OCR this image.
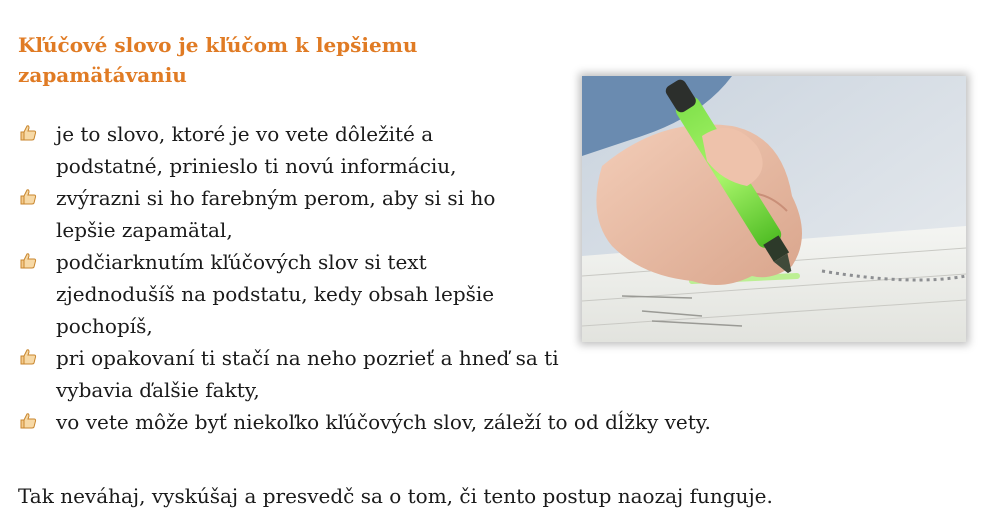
Kľúčové slovo je kľúčom k lepšiemu zapamätávaniu
je to slovo, ktoré je vo vete dôležité a podstatné, prinieslo ti novú informáciu,
zvýrazni si ho farebným perom, aby si si ho lepšie zapamätal,
podčiarknutím kľúčových slov si text zjednodušíš na podstatu, kedy obsah lepšie pochopíš,
pri opakovaní ti stačí na neho pozrieť a hneď sa ti vybavia ďalšie fakty,
vo vete môže byť niekoľko kľúčových slov, záleží to od dĺžky vety.

Tak neváhaj, vyskúšaj a presvedč sa o tom, či tento postup naozaj funguje.
